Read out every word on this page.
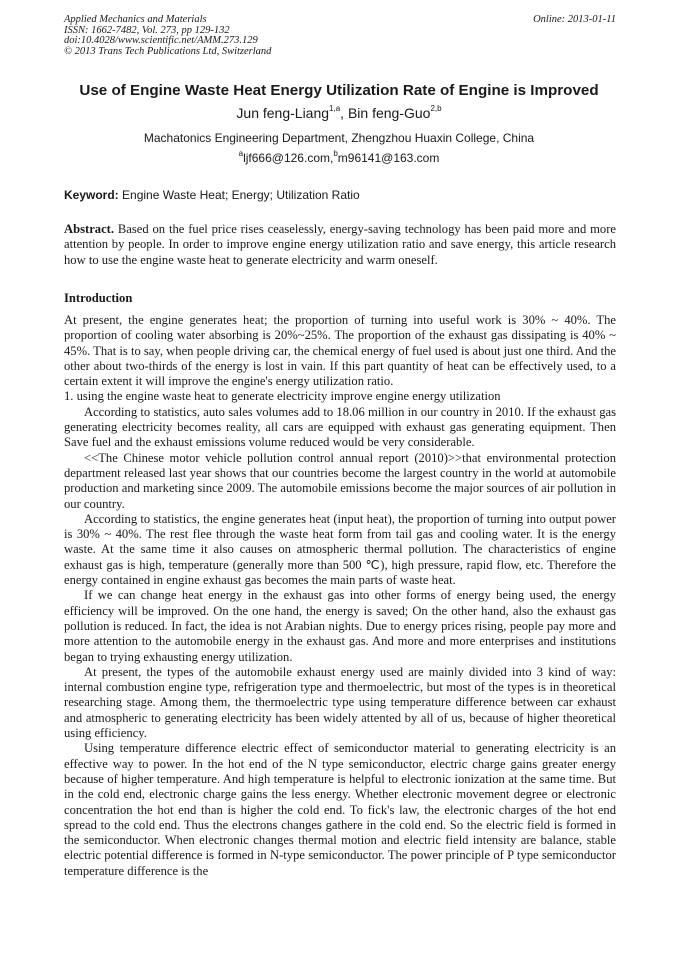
Applied Mechanics and Materials	Online: 2013-01-11
ISSN: 1662-7482, Vol. 273, pp 129-132
doi:10.4028/www.scientific.net/AMM.273.129
© 2013 Trans Tech Publications Ltd, Switzerland
Use of Engine Waste Heat Energy Utilization Rate of Engine is Improved
Jun feng-Liang$^{1,a}$, Bin feng-Guo$^{2,b}$
Machatonics Engineering Department, Zhengzhou Huaxin College, China
$^a$ljf666@126.com,$^b$m96141@163.com
Keyword: Engine Waste Heat; Energy; Utilization Ratio
Abstract. Based on the fuel price rises ceaselessly, energy-saving technology has been paid more and more attention by people. In order to improve engine energy utilization ratio and save energy, this article research how to use the engine waste heat to generate electricity and warm oneself.
Introduction

At present, the engine generates heat; the proportion of turning into useful work is 30% ~ 40%. The proportion of cooling water absorbing is 20%~25%. The proportion of the exhaust gas dissipating is 40% ~ 45%. That is to say, when people driving car, the chemical energy of fuel used is about just one third. And the other about two-thirds of the energy is lost in vain. If this part quantity of heat can be effectively used, to a certain extent it will improve the engine's energy utilization ratio.

1. using the engine waste heat to generate electricity improve engine energy utilization

According to statistics, auto sales volumes add to 18.06 million in our country in 2010. If the exhaust gas generating electricity becomes reality, all cars are equipped with exhaust gas generating equipment. Then Save fuel and the exhaust emissions volume reduced would be very considerable.

<<The Chinese motor vehicle pollution control annual report (2010)>>that environmental protection department released last year shows that our countries become the largest country in the world at automobile production and marketing since 2009. The automobile emissions become the major sources of air pollution in our country.

According to statistics, the engine generates heat (input heat), the proportion of turning into output power is 30% ~ 40%. The rest flee through the waste heat form from tail gas and cooling water. It is the energy waste. At the same time it also causes on atmospheric thermal pollution. The characteristics of engine exhaust gas is high, temperature (generally more than 500 ℃), high pressure, rapid flow, etc. Therefore the energy contained in engine exhaust gas becomes the main parts of waste heat.

If we can change heat energy in the exhaust gas into other forms of energy being used, the energy efficiency will be improved. On the one hand, the energy is saved; On the other hand, also the exhaust gas pollution is reduced. In fact, the idea is not Arabian nights. Due to energy prices rising, people pay more and more attention to the automobile energy in the exhaust gas. And more and more enterprises and institutions began to trying exhausting energy utilization.

At present, the types of the automobile exhaust energy used are mainly divided into 3 kind of way: internal combustion engine type, refrigeration type and thermoelectric, but most of the types is in theoretical researching stage. Among them, the thermoelectric type using temperature difference between car exhaust and atmospheric to generating electricity has been widely attented by all of us, because of higher theoretical using efficiency.

Using temperature difference electric effect of semiconductor material to generating electricity is an effective way to power. In the hot end of the N type semiconductor, electric charge gains greater energy because of higher temperature. And high temperature is helpful to electronic ionization at the same time. But in the cold end, electronic charge gains the less energy. Whether electronic movement degree or electronic concentration the hot end than is higher the cold end. To fick's law, the electronic charges of the hot end spread to the cold end. Thus the electrons changes gathere in the cold end. So the electric field is formed in the semiconductor. When electronic changes thermal motion and electric field intensity are balance, stable electric potential difference is formed in N-type semiconductor. The power principle of P type semiconductor temperature difference is the
